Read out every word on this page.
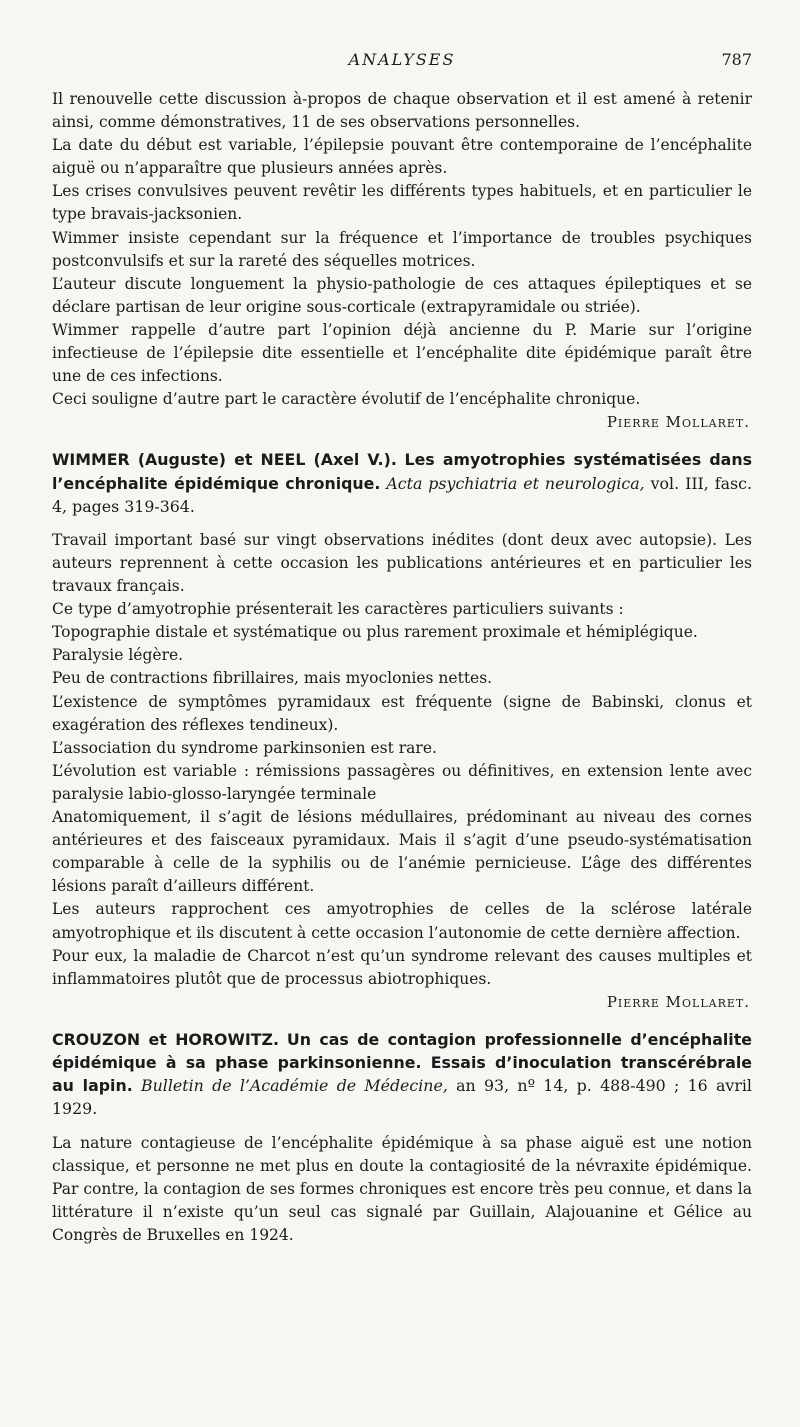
ANALYSES	787

Il renouvelle cette discussion à-propos de chaque observation et il est amené à retenir ainsi, comme démonstratives, 11 de ses observations personnelles.

La date du début est variable, l’épilepsie pouvant être contemporaine de l’encéphalite aiguë ou n’apparaître que plusieurs années après.

Les crises convulsives peuvent revêtir les différents types habituels, et en particulier le type bravais-jacksonien.

Wimmer insiste cependant sur la fréquence et l’importance de troubles psychiques postconvulsifs et sur la rareté des séquelles motrices.

L’auteur discute longuement la physio-pathologie de ces attaques épileptiques et se déclare partisan de leur origine sous-corticale (extrapyramidale ou striée).

Wimmer rappelle d’autre part l’opinion déjà ancienne du P. Marie sur l’origine infectieuse de l’épilepsie dite essentielle et l’encéphalite dite épidémique paraît être une de ces infections.

Ceci souligne d’autre part le caractère évolutif de l’encéphalite chronique.

Pierre Mollaret.
WIMMER (Auguste) et NEEL (Axel V.). Les amyotrophies systématisées dans l’encéphalite épidémique chronique. Acta psychiatria et neurologica, vol. III, fasc. 4, pages 319-364.

Travail important basé sur vingt observations inédites (dont deux avec autopsie). Les auteurs reprennent à cette occasion les publications antérieures et en particulier les travaux français.

Ce type d’amyotrophie présenterait les caractères particuliers suivants :

Topographie distale et systématique ou plus rarement proximale et hémiplégique.

Paralysie légère.

Peu de contractions fibrillaires, mais myoclonies nettes.

L’existence de symptômes pyramidaux est fréquente (signe de Babinski, clonus et exagération des réflexes tendineux).

L’association du syndrome parkinsonien est rare.

L’évolution est variable : rémissions passagères ou définitives, en extension lente avec paralysie labio-glosso-laryngée terminale

Anatomiquement, il s’agit de lésions médullaires, prédominant au niveau des cornes antérieures et des faisceaux pyramidaux. Mais il s’agit d’une pseudo-systématisation comparable à celle de la syphilis ou de l’anémie pernicieuse. L’âge des différentes lésions paraît d’ailleurs différent.

Les auteurs rapprochent ces amyotrophies de celles de la sclérose latérale amyotrophique et ils discutent à cette occasion l’autonomie de cette dernière affection.

Pour eux, la maladie de Charcot n’est qu’un syndrome relevant des causes multiples et inflammatoires plutôt que de processus abiotrophiques.

Pierre Mollaret.
CROUZON et HOROWITZ. Un cas de contagion professionnelle d’encéphalite épidémique à sa phase parkinsonienne. Essais d’inoculation transcérébrale au lapin. Bulletin de l’Académie de Médecine, an 93, nº 14, p. 488-490 ; 16 avril 1929.

La nature contagieuse de l’encéphalite épidémique à sa phase aiguë est une notion classique, et personne ne met plus en doute la contagiosité de la névraxite épidémique. Par contre, la contagion de ses formes chroniques est encore très peu connue, et dans la littérature il n’existe qu’un seul cas signalé par Guillain, Alajouanine et Gélice au Congrès de Bruxelles en 1924.
